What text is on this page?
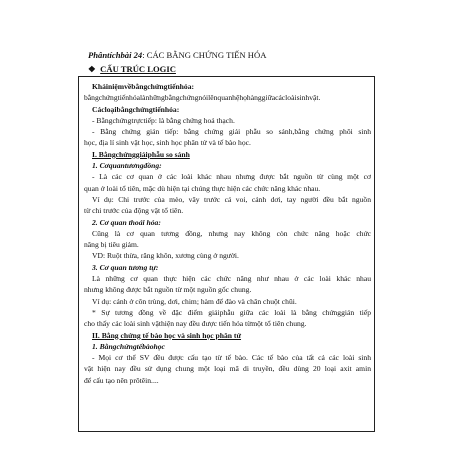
Phântíchbài 24: CÁC BẰNG CHỨNG TIẾN HÓA
❖ CẤU TRÚC LOGIC
Kháiniệmvềbằngchứngtiếnhóa:
bằngchứngtiếnhóalànhữngbằngchứngnóilênquanhệhọhànggiữacácloàisinhvật.
Cácloạibằngchứngtiếnhóa:
- Bằngchứngtrựctiếp: là bằng chứng hoá thạch.
- Bằng chứng gián tiếp: bằng chứng giải phẫu so sánh,bằng chứng phôi sinh
học, địa lí sinh vật học, sinh học phân tử và tế bào học.
I. Bằngchứnggiảiphẫu so sánh
1. Cơquantươngđồng:
- Là các cơ quan ở các loài khác nhau nhưng được bắt nguồn từ cùng một cơ
quan ở loài tổ tiên, mặc dù hiện tại chúng thực hiện các chức năng khác nhau.
Ví dụ: Chi trước của mèo, vây trước cá voi, cánh dơi, tay người đều bắt nguồn
từ chi trước của động vật tổ tiên.
2. Cơ quan thoái hóa:
Cũng là cơ quan tương đồng, nhưng nay không còn chức năng hoặc chức
năng bị tiêu giảm.
VD: Ruột thừa, răng khôn, xương cùng ở người.
3. Cơ quan tương tự:
Là những cơ quan thực hiện các chức năng như nhau ở các loài khác nhau
nhưng không được bắt nguồn từ một nguồn gốc chung.
Ví dụ: cánh ở côn trùng, dơi, chim; hàm để đào và chân chuột chũi.
* Sự tương đồng về đặc điểm giảiphẫu giữa các loài là bằng chứnggián tiếp
cho thấy các loài sinh vậthiện nay đều được tiến hóa từmột tổ tiên chung.
II. Bằng chứng tế bào học và sinh học phân tử
1. Bằngchứngtếbàohọc
- Mọi cơ thể SV đều được cấu tạo từ tế bào. Các tế bào của tất cả các loài sinh
vật hiện nay đều sử dụng chung một loại mã di truyền, đều dùng 20 loại axit amin
để cấu tạo nên prôtêin....
